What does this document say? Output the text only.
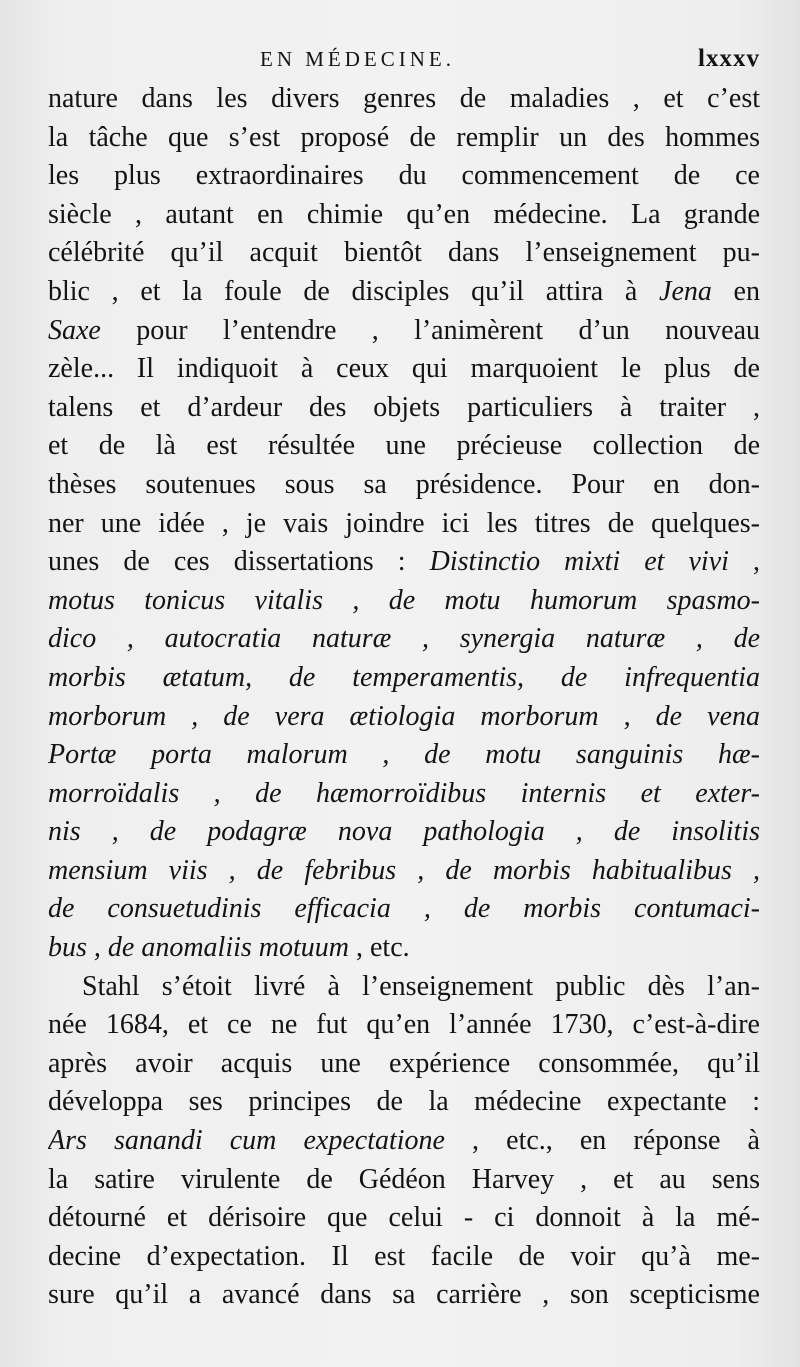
EN MÉDECINE.	lxxxv
nature dans les divers genres de maladies , et c’est
la tâche que s’est proposé de remplir un des hommes
les plus extraordinaires du commencement de ce
siècle , autant en chimie qu’en médecine. La grande
célébrité qu’il acquit bientôt dans l’enseignement pu-
blic , et la foule de disciples qu’il attira à Jena en
Saxe pour l’entendre , l’animèrent d’un nouveau
zèle... Il indiquoit à ceux qui marquoient le plus de
talens et d’ardeur des objets particuliers à traiter ,
et de là est résultée une précieuse collection de
thèses soutenues sous sa présidence. Pour en don-
ner une idée , je vais joindre ici les titres de quelques-
unes de ces dissertations : Distinctio mixti et vivi ,
motus tonicus vitalis , de motu humorum spasmo-
dico , autocratia naturæ , synergia naturæ , de
morbis ætatum, de temperamentis, de infrequentia
morborum , de vera ætiologia morborum , de vena
Portæ porta malorum , de motu sanguinis hæ-
morroïdalis , de hæmorroïdibus internis et exter-
nis , de podagræ nova pathologia , de insolitis
mensium viis , de febribus , de morbis habitualibus ,
de consuetudinis efficacia , de morbis contumaci-
bus , de anomaliis motuum , etc.
Stahl s’étoit livré à l’enseignement public dès l’an-
née 1684, et ce ne fut qu’en l’année 1730, c’est-à-dire
après avoir acquis une expérience consommée, qu’il
développa ses principes de la médecine expectante :
Ars sanandi cum expectatione , etc., en réponse à
la satire virulente de Gédéon Harvey , et au sens
détourné et dérisoire que celui - ci donnoit à la mé-
decine d’expectation. Il est facile de voir qu’à me-
sure qu’il a avancé dans sa carrière , son scepticisme
